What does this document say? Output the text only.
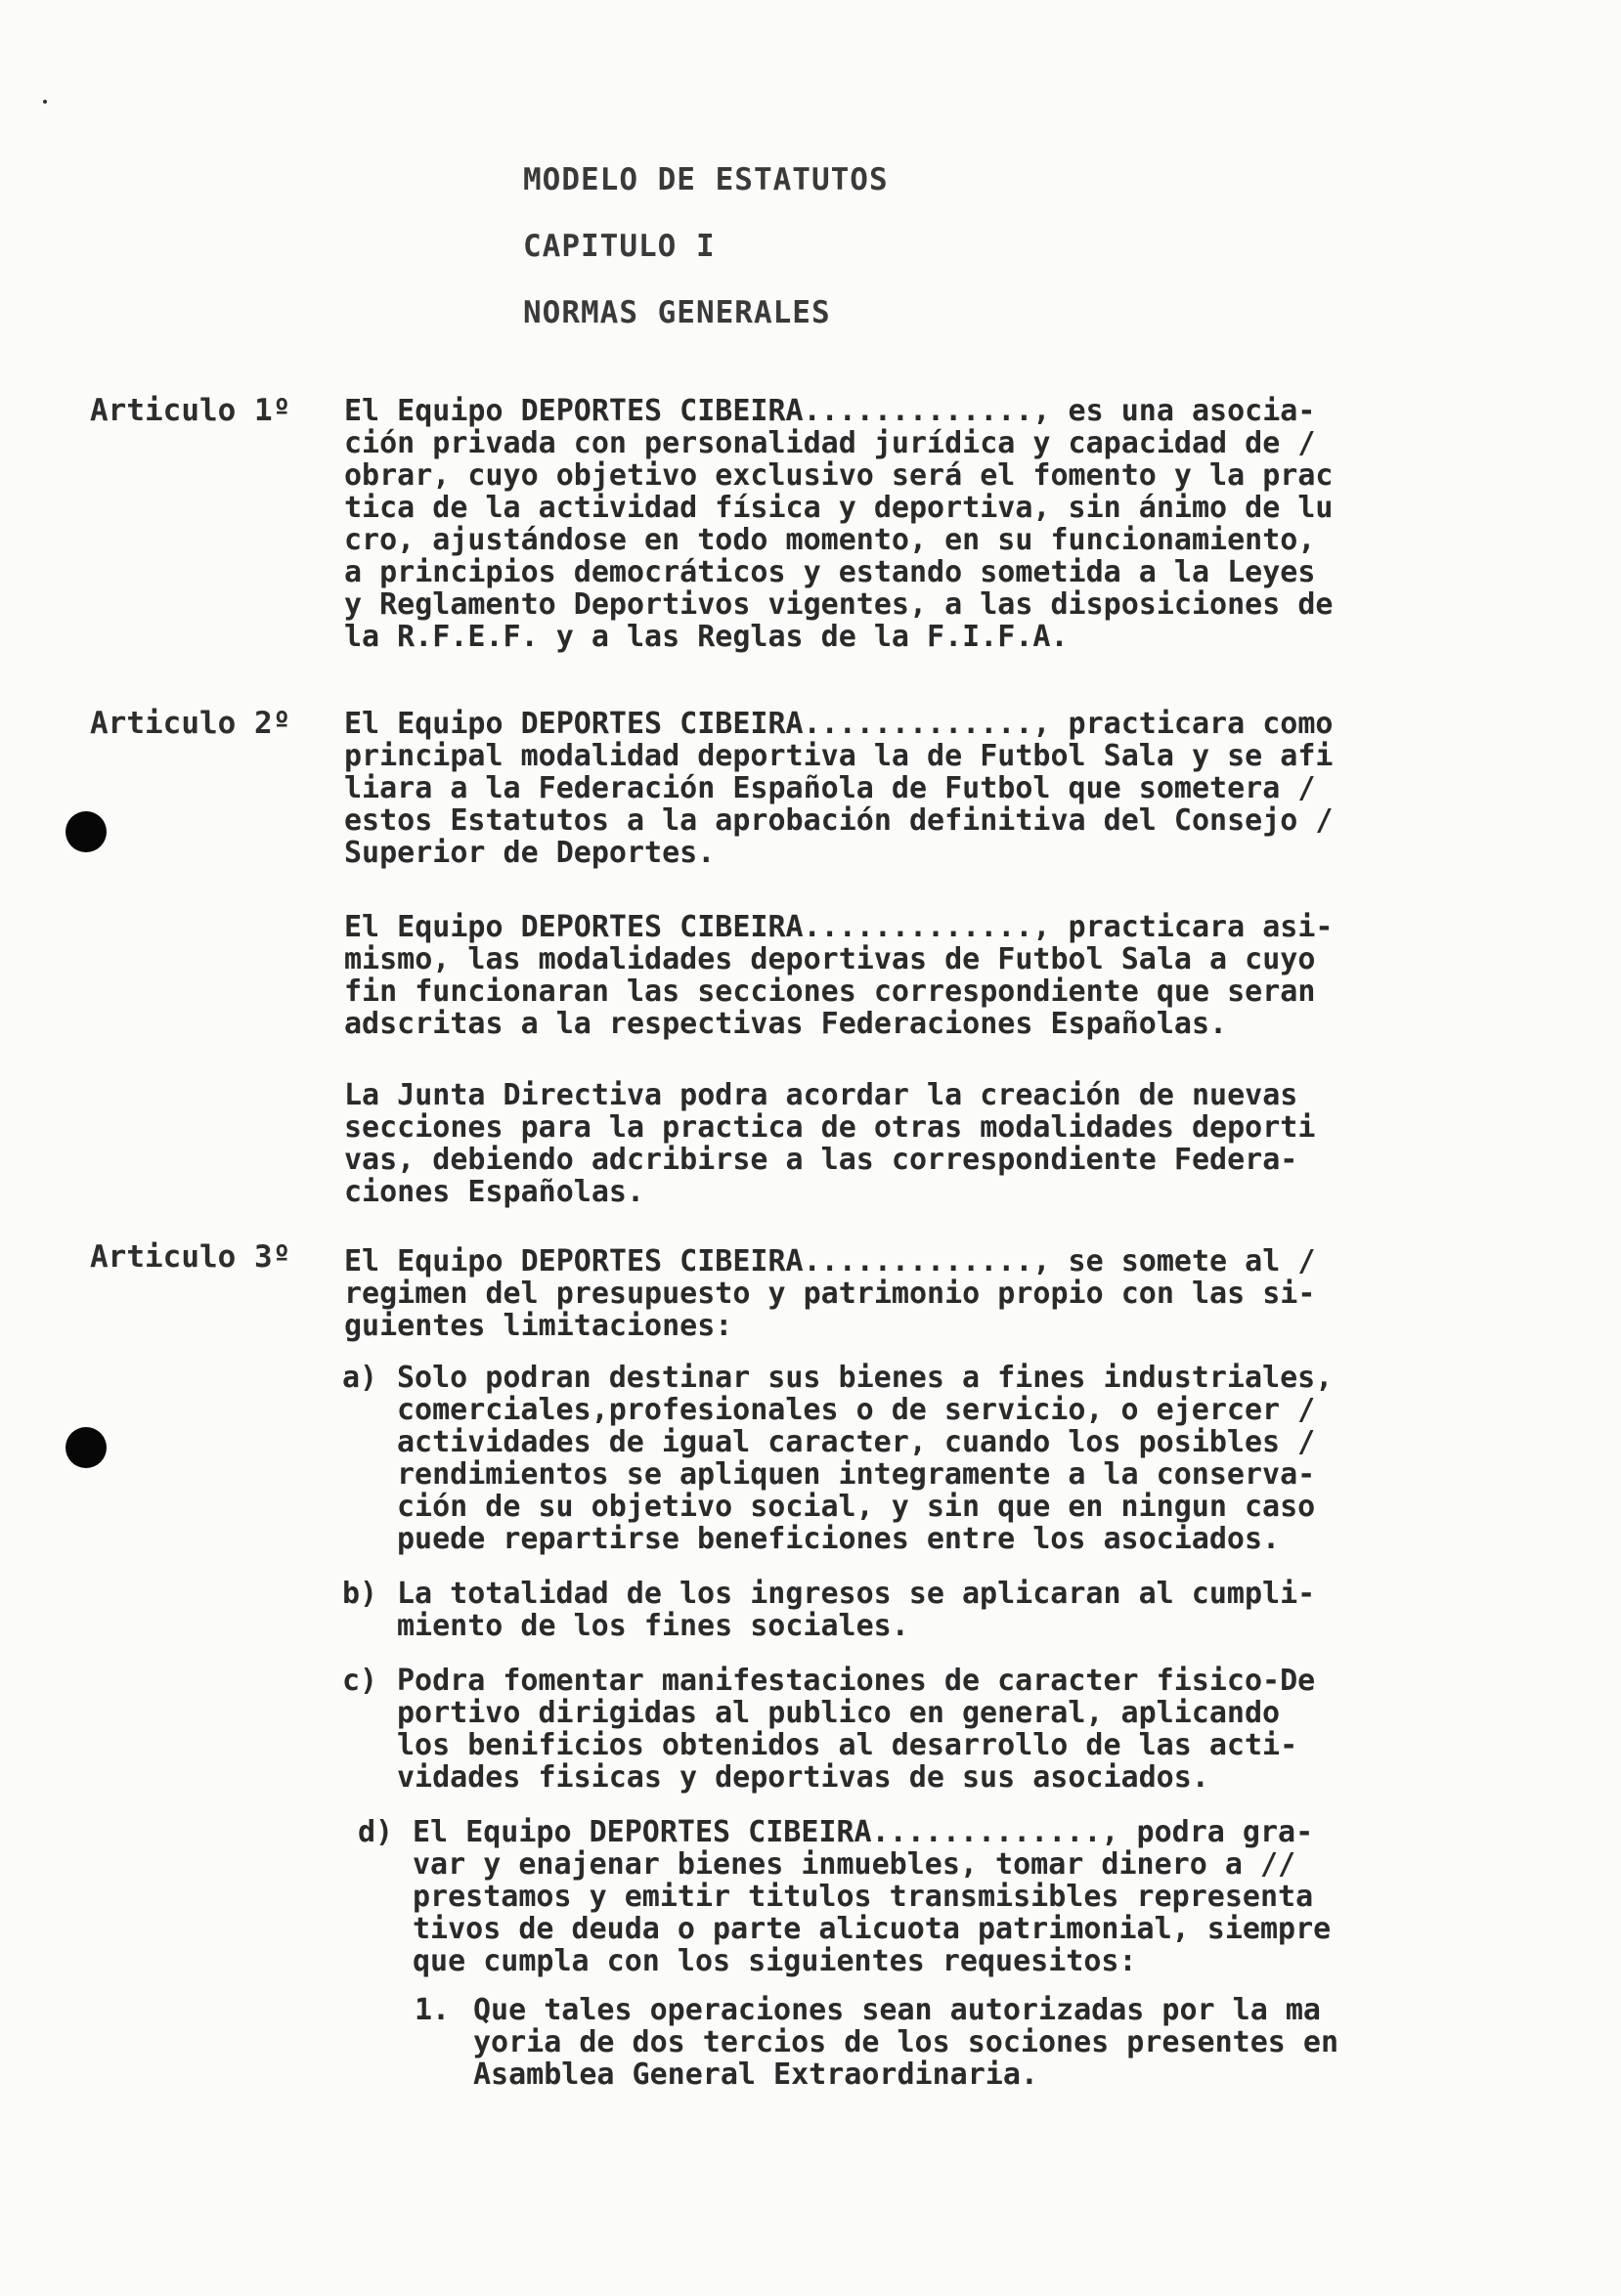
MODELO DE ESTATUTOS
CAPITULO I
NORMAS GENERALES
Articulo 1º El Equipo DEPORTES CIBEIRA............., es una asocia-
ción privada con personalidad jurídica y capacidad de /
obrar, cuyo objetivo exclusivo será el fomento y la prac
tica de la actividad física y deportiva, sin ánimo de lu
cro, ajustándose en todo momento, en su funcionamiento,
a principios democráticos y estando sometida a la Leyes
y Reglamento Deportivos vigentes, a las disposiciones de
la R.F.E.F. y a las Reglas de la F.I.F.A.
Articulo 2º El Equipo DEPORTES CIBEIRA............., practicara como
principal modalidad deportiva la de Futbol Sala y se afi
liara a la Federación Española de Futbol que sometera /
estos Estatutos a la aprobación definitiva del Consejo /
Superior de Deportes.
El Equipo DEPORTES CIBEIRA............., practicara asi-
mismo, las modalidades deportivas de Futbol Sala a cuyo
fin funcionaran las secciones correspondiente que seran
adscritas a la respectivas Federaciones Españolas.
La Junta Directiva podra acordar la creación de nuevas
secciones para la practica de otras modalidades deporti
vas, debiendo adcribirse a las correspondiente Federa-
ciones Españolas.
Articulo 3º El Equipo DEPORTES CIBEIRA............., se somete al /
regimen del presupuesto y patrimonio propio con las si-
guientes limitaciones:
a) Solo podran destinar sus bienes a fines industriales,
comerciales,profesionales o de servicio, o ejercer /
actividades de igual caracter, cuando los posibles /
rendimientos se apliquen integramente a la conserva-
ción de su objetivo social, y sin que en ningun caso
puede repartirse beneficiones entre los asociados.
b) La totalidad de los ingresos se aplicaran al cumpli-
miento de los fines sociales.
c) Podra fomentar manifestaciones de caracter fisico-De
portivo dirigidas al publico en general, aplicando
los benificios obtenidos al desarrollo de las acti-
vidades fisicas y deportivas de sus asociados.
d) El Equipo DEPORTES CIBEIRA............., podra gra-
var y enajenar bienes inmuebles, tomar dinero a //
prestamos y emitir titulos transmisibles representa
tivos de deuda o parte alicuota patrimonial, siempre
que cumpla con los siguientes requesitos:
1. Que tales operaciones sean autorizadas por la ma
yoria de dos tercios de los sociones presentes en
Asamblea General Extraordinaria.
